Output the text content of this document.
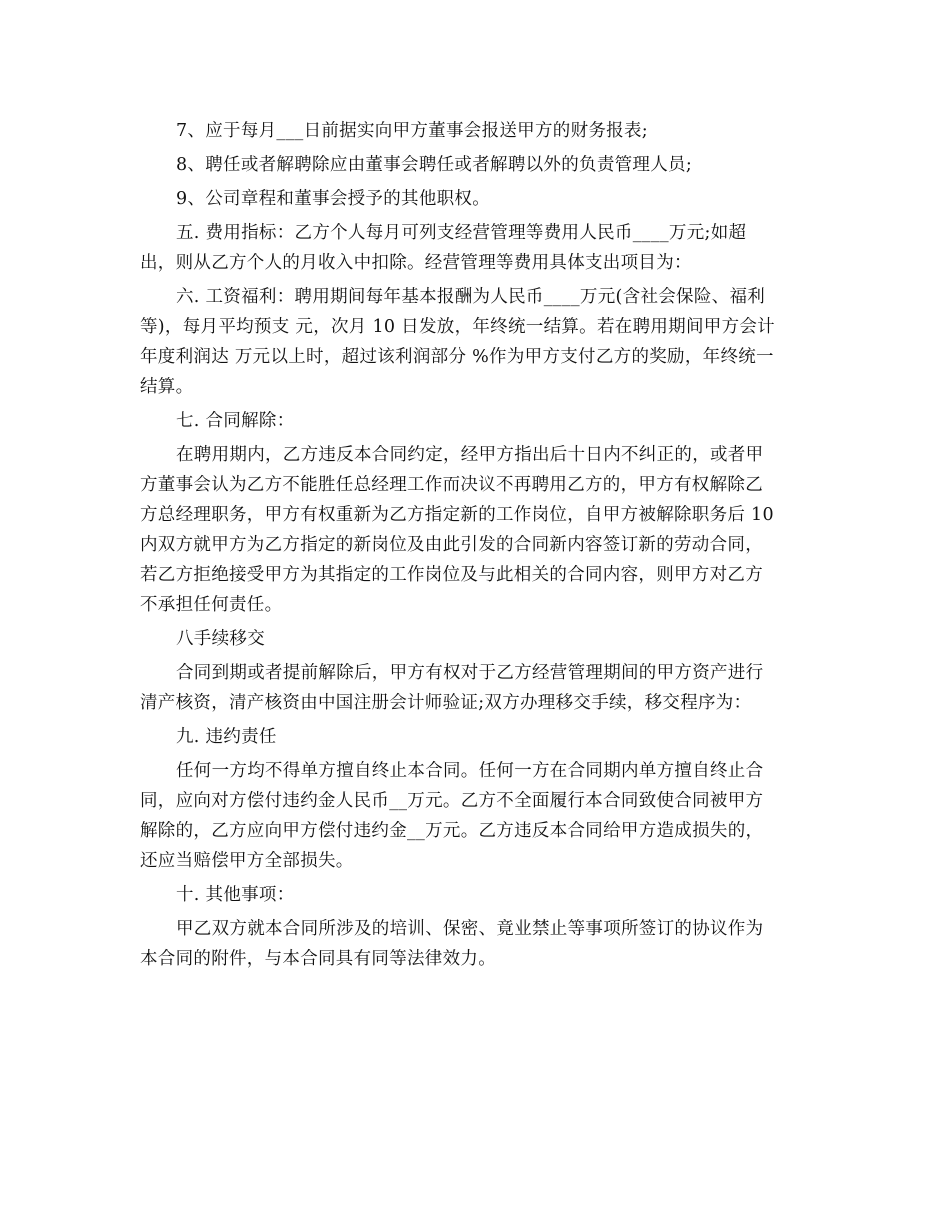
7、应于每月___日前据实向甲方董事会报送甲方的财务报表;

8、聘任或者解聘除应由董事会聘任或者解聘以外的负责管理人员;

9、公司章程和董事会授予的其他职权。

五. 费用指标：乙方个人每月可列支经营管理等费用人民币____万元;如超
出，则从乙方个人的月收入中扣除。经营管理等费用具体支出项目为：
六. 工资福利：聘用期间每年基本报酬为人民币____万元(含社会保险、福利
等)，每月平均预支 元，次月 10 日发放，年终统一结算。若在聘用期间甲方会计
年度利润达 万元以上时，超过该利润部分 %作为甲方支付乙方的奖励，年终统一
结算。

七. 合同解除：

在聘用期内，乙方违反本合同约定，经甲方指出后十日内不纠正的，或者甲
方董事会认为乙方不能胜任总经理工作而决议不再聘用乙方的，甲方有权解除乙
方总经理职务，甲方有权重新为乙方指定新的工作岗位，自甲方被解除职务后 10
内双方就甲方为乙方指定的新岗位及由此引发的合同新内容签订新的劳动合同，
若乙方拒绝接受甲方为其指定的工作岗位及与此相关的合同内容，则甲方对乙方
不承担任何责任。

八手续移交

合同到期或者提前解除后，甲方有权对于乙方经营管理期间的甲方资产进行
清产核资，清产核资由中国注册会计师验证;双方办理移交手续，移交程序为：

九. 违约责任

任何一方均不得单方擅自终止本合同。任何一方在合同期内单方擅自终止合
同，应向对方偿付违约金人民币__万元。乙方不全面履行本合同致使合同被甲方
解除的，乙方应向甲方偿付违约金__万元。乙方违反本合同给甲方造成损失的，
还应当赔偿甲方全部损失。

十. 其他事项：

甲乙双方就本合同所涉及的培训、保密、竟业禁止等事项所签订的协议作为
本合同的附件，与本合同具有同等法律效力。
